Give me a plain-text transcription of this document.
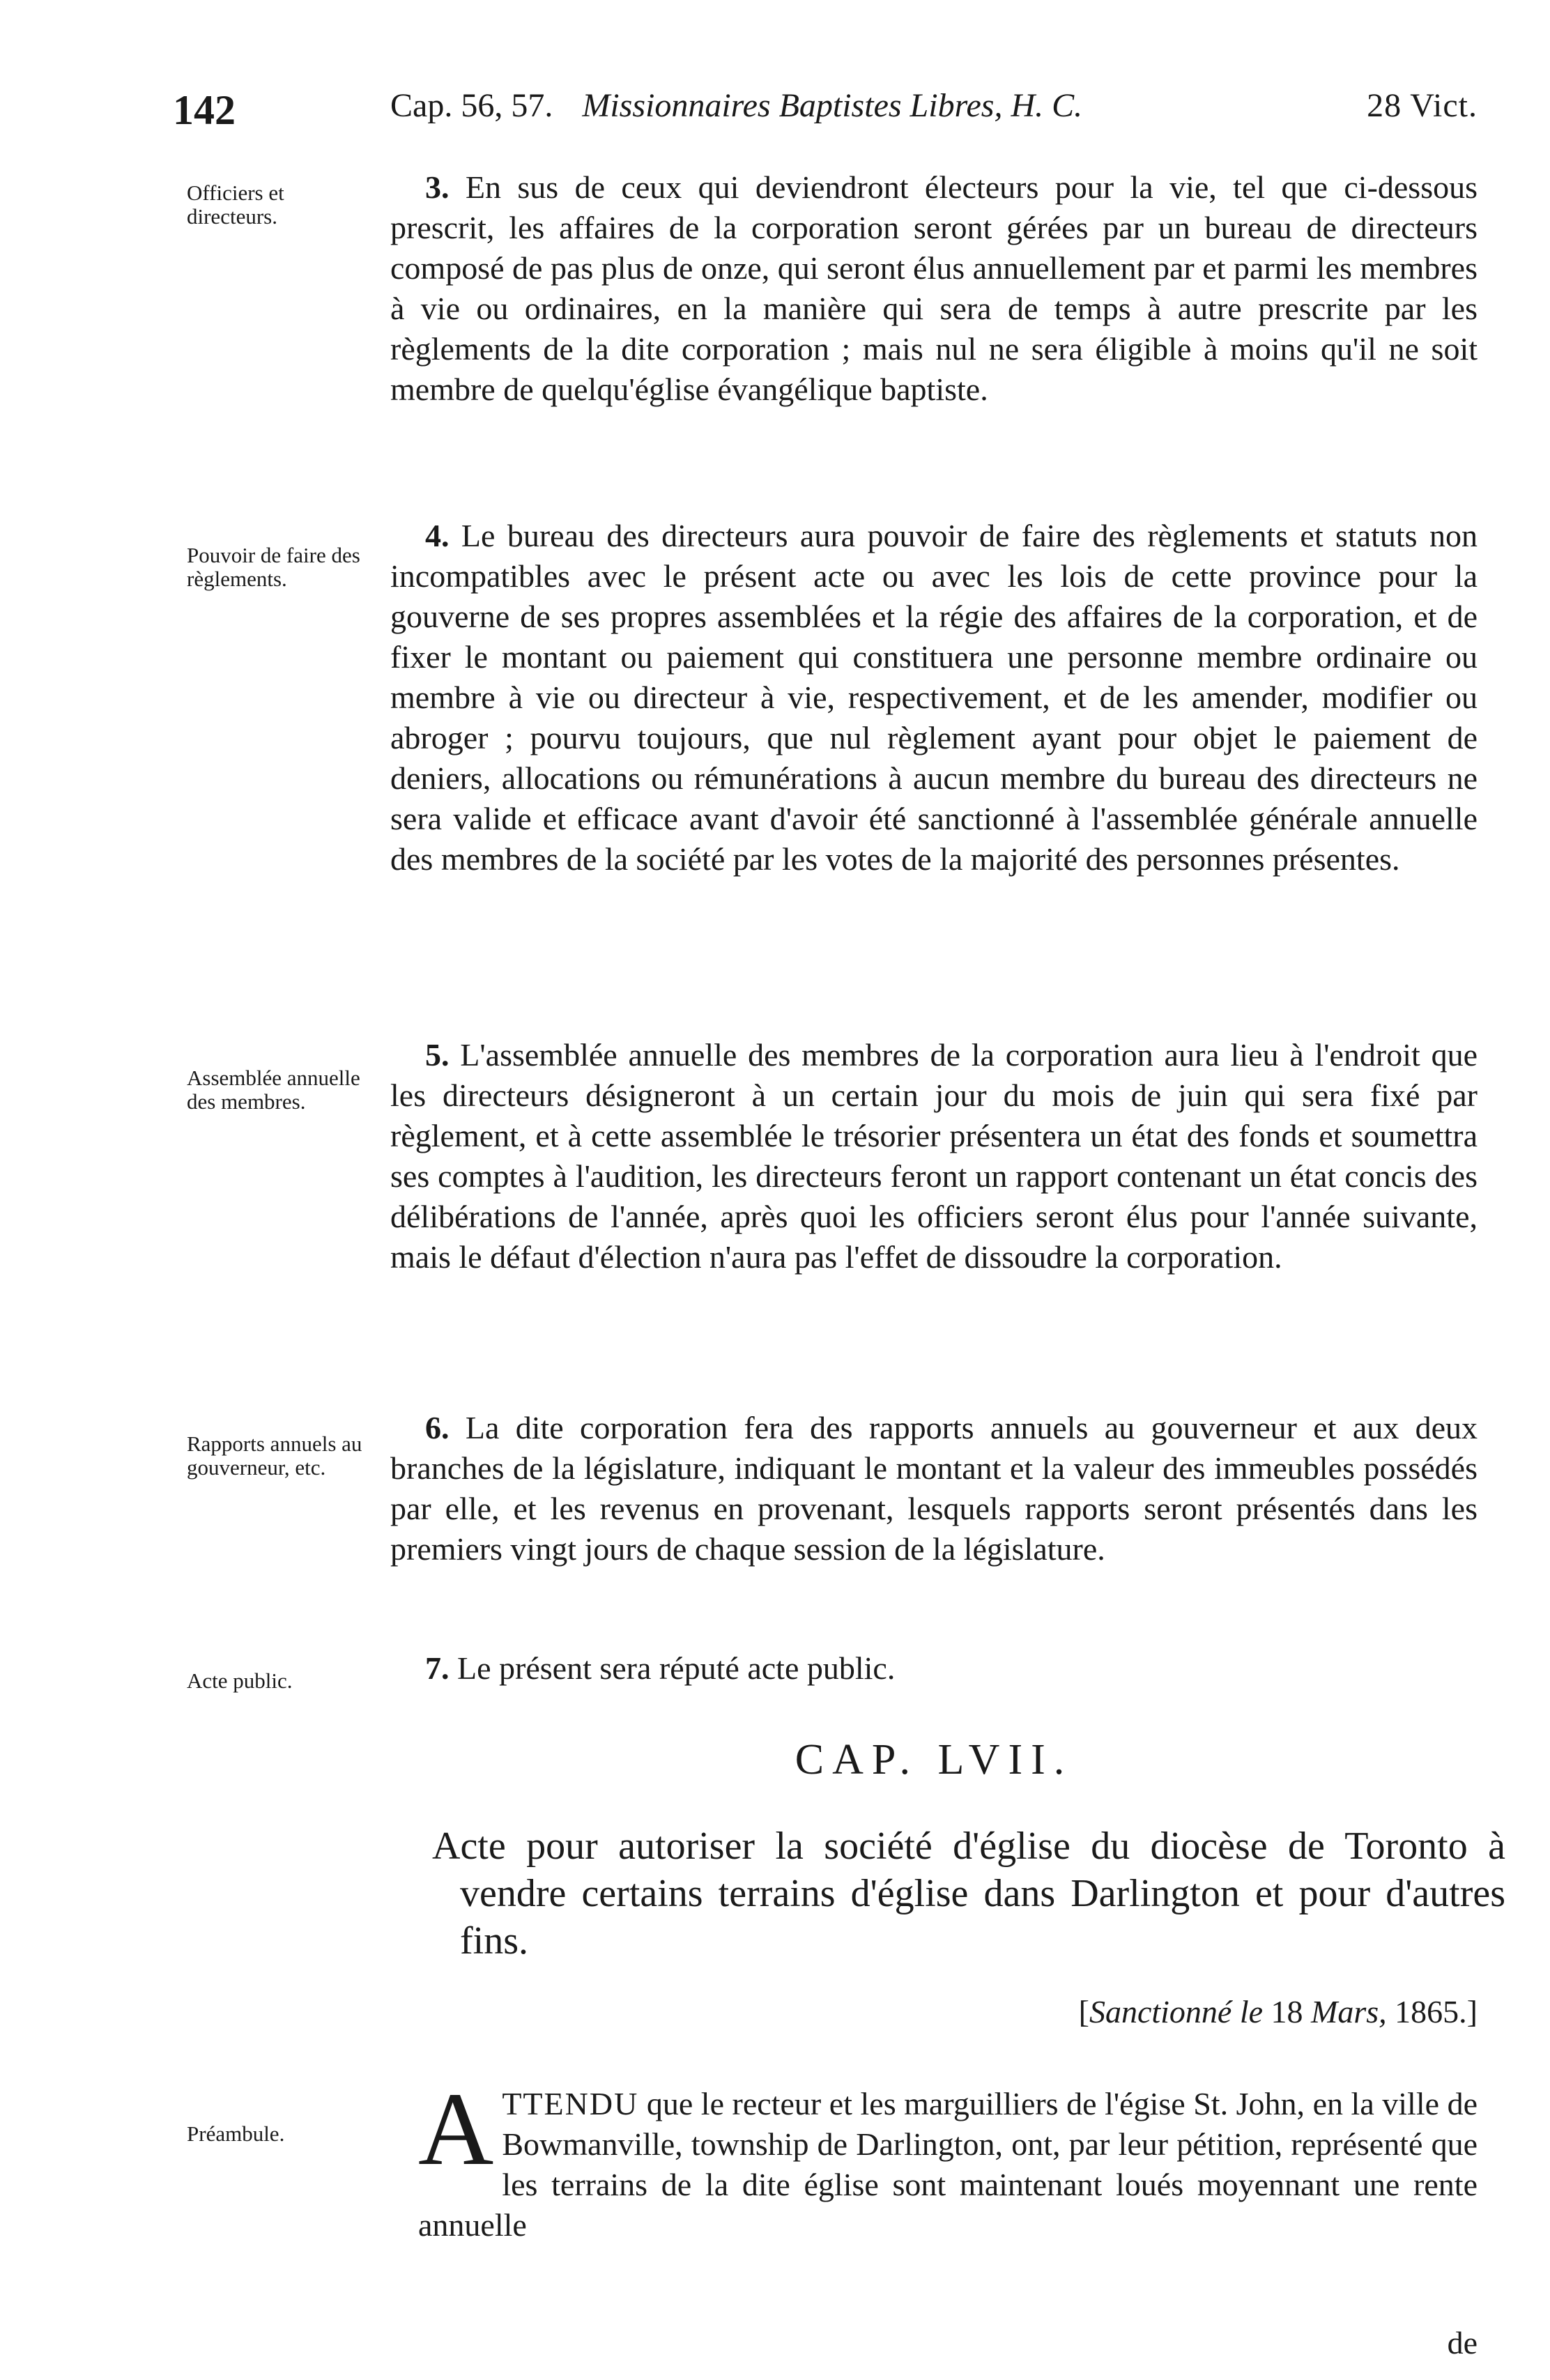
142	Cap. 56, 57. Missionnaires Baptistes Libres, H. C.	28 Vict.
Officiers et directeurs.
3. En sus de ceux qui deviendront électeurs pour la vie, tel que ci-dessous prescrit, les affaires de la corporation seront gérées par un bureau de directeurs composé de pas plus de onze, qui seront élus annuellement par et parmi les membres à vie ou ordinaires, en la manière qui sera de temps à autre prescrite par les règlements de la dite corporation ; mais nul ne sera éligible à moins qu'il ne soit membre de quelqu'église évangélique baptiste.
Pouvoir de faire des règlements.
4. Le bureau des directeurs aura pouvoir de faire des règlements et statuts non incompatibles avec le présent acte ou avec les lois de cette province pour la gouverne de ses propres assemblées et la régie des affaires de la corporation, et de fixer le montant ou paiement qui constituera une personne membre ordinaire ou membre à vie ou directeur à vie, respectivement, et de les amender, modifier ou abroger ; pourvu toujours, que nul règlement ayant pour objet le paiement de deniers, allocations ou rémunérations à aucun membre du bureau des directeurs ne sera valide et efficace avant d'avoir été sanctionné à l'assemblée générale annuelle des membres de la société par les votes de la majorité des personnes présentes.
Assemblée annuelle des membres.
5. L'assemblée annuelle des membres de la corporation aura lieu à l'endroit que les directeurs désigneront à un certain jour du mois de juin qui sera fixé par règlement, et à cette assemblée le trésorier présentera un état des fonds et soumettra ses comptes à l'audition, les directeurs feront un rapport contenant un état concis des délibérations de l'année, après quoi les officiers seront élus pour l'année suivante, mais le défaut d'élection n'aura pas l'effet de dissoudre la corporation.
Rapports annuels au gouverneur, etc.
6. La dite corporation fera des rapports annuels au gouverneur et aux deux branches de la législature, indiquant le montant et la valeur des immeubles possédés par elle, et les revenus en provenant, lesquels rapports seront présentés dans les premiers vingt jours de chaque session de la législature.
Acte public.	7. Le présent sera réputé acte public.
CAP. LVII.
Acte pour autoriser la société d'église du diocèse de Toronto à vendre certains terrains d'église dans Darlington et pour d'autres fins.
[Sanctionné le 18 Mars, 1865.]
Préambule.	A TTENDU que le recteur et les marguilliers de l'égise St. John, en la ville de Bowmanville, township de Darlington, ont, par leur pétition, représenté que les terrains de la dite église sont maintenant loués moyennant une rente annuelle
de
